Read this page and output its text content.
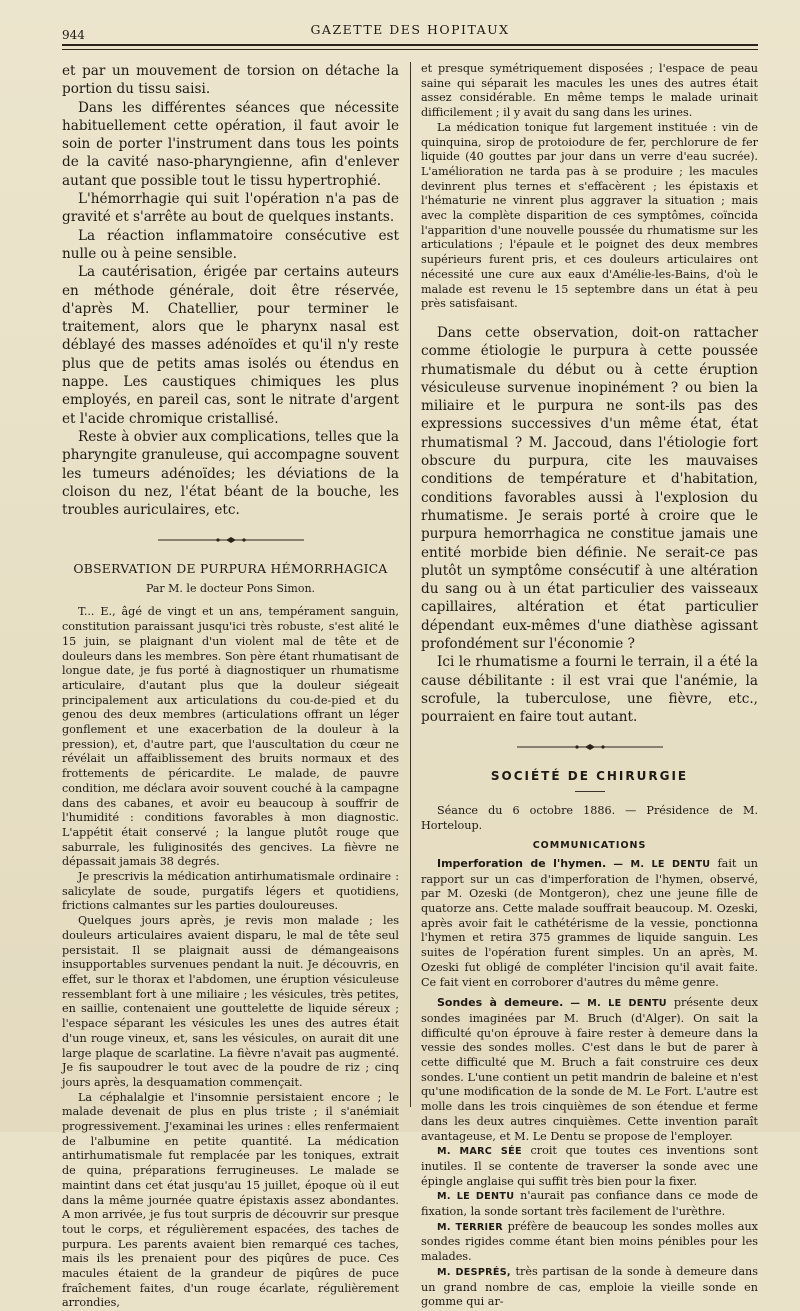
944	GAZETTE DES HOPITAUX

et par un mouvement de torsion on détache la portion du tissu saisi.

Dans les différentes séances que nécessite habituellement cette opération, il faut avoir le soin de porter l'instrument dans tous les points de la cavité naso-pharyngienne, afin d'enlever autant que possible tout le tissu hypertrophié.

L'hémorrhagie qui suit l'opération n'a pas de gravité et s'arrête au bout de quelques instants.

La réaction inflammatoire consécutive est nulle ou à peine sensible.

La cautérisation, érigée par certains auteurs en méthode générale, doit être réservée, d'après M. Chatellier, pour terminer le traitement, alors que le pharynx nasal est déblayé des masses adénoïdes et qu'il n'y reste plus que de petits amas isolés ou étendus en nappe. Les caustiques chimiques les plus employés, en pareil cas, sont le nitrate d'argent et l'acide chromique cristallisé.

Reste à obvier aux complications, telles que la pharyngite granuleuse, qui accompagne souvent les tumeurs adénoïdes; les déviations de la cloison du nez, l'état béant de la bouche, les troubles auriculaires, etc.

OBSERVATION DE PURPURA HÉMORRHAGICA
Par M. le docteur Pons Simon.

T... E., âgé de vingt et un ans, tempérament sanguin, constitution paraissant jusqu'ici très robuste, s'est alité le 15 juin, se plaignant d'un violent mal de tête et de douleurs dans les membres. Son père étant rhumatisant de longue date, je fus porté à diagnostiquer un rhumatisme articulaire, d'autant plus que la douleur siégeait principalement aux articulations du cou-de-pied et du genou des deux membres (articulations offrant un léger gonflement et une exacerbation de la douleur à la pression), et, d'autre part, que l'auscultation du cœur ne révélait un affaiblissement des bruits normaux et des frottements de péricardite. Le malade, de pauvre condition, me déclara avoir souvent couché à la campagne dans des cabanes, et avoir eu beaucoup à souffrir de l'humidité : conditions favorables à mon diagnostic. L'appétit était conservé ; la langue plutôt rouge que saburrale, les fuliginosités des gencives. La fièvre ne dépassait jamais 38 degrés.

Je prescrivis la médication antirhumatismale ordinaire : salicylate de soude, purgatifs légers et quotidiens, frictions calmantes sur les parties douloureuses.

Quelques jours après, je revis mon malade ; les douleurs articulaires avaient disparu, le mal de tête seul persistait. Il se plaignait aussi de démangeaisons insupportables survenues pendant la nuit. Je découvris, en effet, sur le thorax et l'abdomen, une éruption vésiculeuse ressemblant fort à une miliaire ; les vésicules, très petites, en saillie, contenaient une gouttelette de liquide séreux ; l'espace séparant les vésicules les unes des autres était d'un rouge vineux, et, sans les vésicules, on aurait dit une large plaque de scarlatine. La fièvre n'avait pas augmenté. Je fis saupoudrer le tout avec de la poudre de riz ; cinq jours après, la desquamation commençait.

La céphalalgie et l'insomnie persistaient encore ; le malade devenait de plus en plus triste ; il s'anémiait progressivement. J'examinai les urines : elles renfermaient de l'albumine en petite quantité. La médication antirhumatismale fut remplacée par les toniques, extrait de quina, préparations ferrugineuses. Le malade se maintint dans cet état jusqu'au 15 juillet, époque où il eut dans la même journée quatre épistaxis assez abondantes. A mon arrivée, je fus tout surpris de découvrir sur presque tout le corps, et régulièrement espacées, des taches de purpura. Les parents avaient bien remarqué ces taches, mais ils les prenaient pour des piqûres de puce. Ces macules étaient de la grandeur de piqûres de puce fraîchement faites, d'un rouge écarlate, régulièrement arrondies,

et presque symétriquement disposées ; l'espace de peau saine qui séparait les macules les unes des autres était assez considérable. En même temps le malade urinait difficilement ; il y avait du sang dans les urines.

La médication tonique fut largement instituée : vin de quinquina, sirop de protoiodure de fer, perchlorure de fer liquide (40 gouttes par jour dans un verre d'eau sucrée). L'amélioration ne tarda pas à se produire ; les macules devinrent plus ternes et s'effacèrent ; les épistaxis et l'hématurie ne vinrent plus aggraver la situation ; mais avec la complète disparition de ces symptômes, coïncida l'apparition d'une nouvelle poussée du rhumatisme sur les articulations ; l'épaule et le poignet des deux membres supérieurs furent pris, et ces douleurs articulaires ont nécessité une cure aux eaux d'Amélie-les-Bains, d'où le malade est revenu le 15 septembre dans un état à peu près satisfaisant.

Dans cette observation, doit-on rattacher comme étiologie le purpura à cette poussée rhumatismale du début ou à cette éruption vésiculeuse survenue inopinément ? ou bien la miliaire et le purpura ne sont-ils pas des expressions successives d'un même état, état rhumatismal ? M. Jaccoud, dans l'étiologie fort obscure du purpura, cite les mauvaises conditions de température et d'habitation, conditions favorables aussi à l'explosion du rhumatisme. Je serais porté à croire que le purpura hemorrhagica ne constitue jamais une entité morbide bien définie. Ne serait-ce pas plutôt un symptôme consécutif à une altération du sang ou à un état particulier des vaisseaux capillaires, altération et état particulier dépendant eux-mêmes d'une diathèse agissant profondément sur l'économie ?

Ici le rhumatisme a fourni le terrain, il a été la cause débilitante : il est vrai que l'anémie, la scrofule, la tuberculose, une fièvre, etc., pourraient en faire tout autant.

SOCIÉTÉ DE CHIRURGIE

Séance du 6 octobre 1886. — Présidence de M. Horteloup.

COMMUNICATIONS

Imperforation de l'hymen. — M. LE DENTU fait un rapport sur un cas d'imperforation de l'hymen, observé, par M. Ozeski (de Montgeron), chez une jeune fille de quatorze ans. Cette malade souffrait beaucoup. M. Ozeski, après avoir fait le cathétérisme de la vessie, ponctionna l'hymen et retira 375 grammes de liquide sanguin. Les suites de l'opération furent simples. Un an après, M. Ozeski fut obligé de compléter l'incision qu'il avait faite. Ce fait vient en corroborer d'autres du même genre.

Sondes à demeure. — M. LE DENTU présente deux sondes imaginées par M. Bruch (d'Alger). On sait la difficulté qu'on éprouve à faire rester à demeure dans la vessie des sondes molles. C'est dans le but de parer à cette difficulté que M. Bruch a fait construire ces deux sondes. L'une contient un petit mandrin de baleine et n'est qu'une modification de la sonde de M. Le Fort. L'autre est molle dans les trois cinquièmes de son étendue et ferme dans les deux autres cinquièmes. Cette invention paraît avantageuse, et M. Le Dentu se propose de l'employer.

M. MARC SÉE croit que toutes ces inventions sont inutiles. Il se contente de traverser la sonde avec une épingle anglaise qui suffit très bien pour la fixer.

M. LE DENTU n'aurait pas confiance dans ce mode de fixation, la sonde sortant très facilement de l'urèthre.

M. TERRIER préfère de beaucoup les sondes molles aux sondes rigides comme étant bien moins pénibles pour les malades.

M. DESPRÉS, très partisan de la sonde à demeure dans un grand nombre de cas, emploie la vieille sonde en gomme qui ar-
